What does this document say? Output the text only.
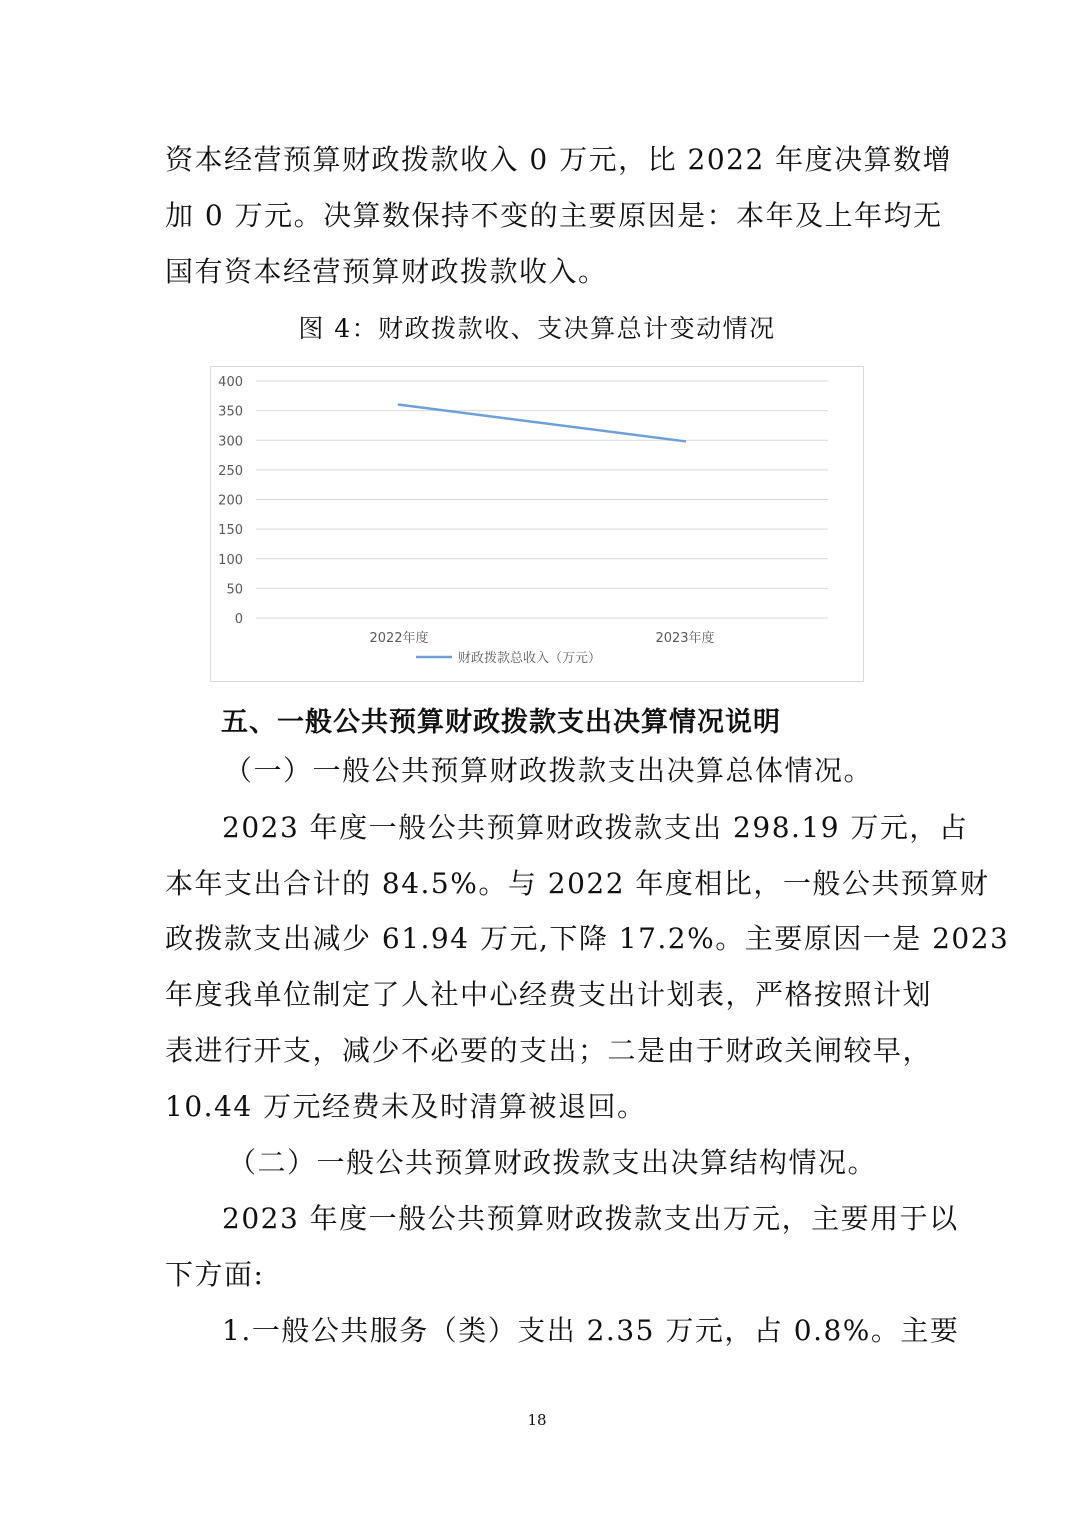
资本经营预算财政拨款收入 0 万元，比 2022 年度决算数增
加 0 万元。决算数保持不变的主要原因是：本年及上年均无
国有资本经营预算财政拨款收入。
图 4：财政拨款收、支决算总计变动情况
0
50
100
150
200
250
300
350
400
2022年度	2023年度
财政拨款总收入（万元）
五、一般公共预算财政拨款支出决算情况说明
（一）一般公共预算财政拨款支出决算总体情况。
2023 年度一般公共预算财政拨款支出 298.19 万元，占
本年支出合计的 84.5%。与 2022 年度相比，一般公共预算财
政拨款支出减少 61.94 万元,下降 17.2%。主要原因一是 2023
年度我单位制定了人社中心经费支出计划表，严格按照计划
表进行开支，减少不必要的支出；二是由于财政关闸较早，
10.44 万元经费未及时清算被退回。
（二）一般公共预算财政拨款支出决算结构情况。
2023 年度一般公共预算财政拨款支出万元，主要用于以
下方面:
1.一般公共服务（类）支出 2.35 万元，占 0.8%。主要
18
